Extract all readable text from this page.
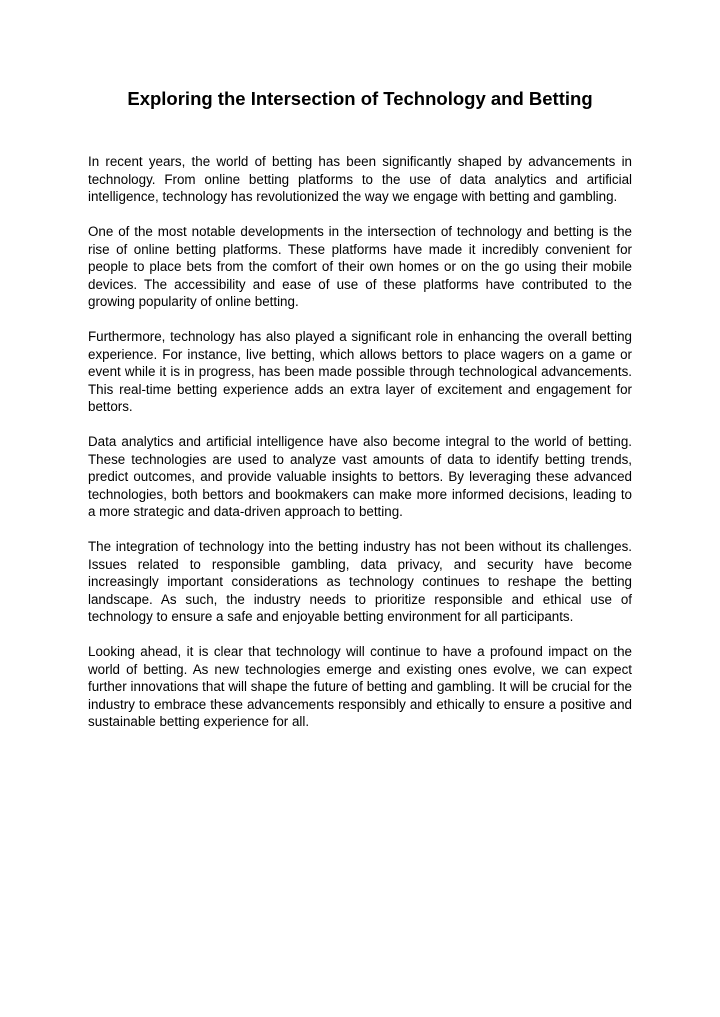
Exploring the Intersection of Technology and Betting

In recent years, the world of betting has been significantly shaped by advancements in technology. From online betting platforms to the use of data analytics and artificial intelligence, technology has revolutionized the way we engage with betting and gambling.

One of the most notable developments in the intersection of technology and betting is the rise of online betting platforms. These platforms have made it incredibly convenient for people to place bets from the comfort of their own homes or on the go using their mobile devices. The accessibility and ease of use of these platforms have contributed to the growing popularity of online betting.

Furthermore, technology has also played a significant role in enhancing the overall betting experience. For instance, live betting, which allows bettors to place wagers on a game or event while it is in progress, has been made possible through technological advancements. This real-time betting experience adds an extra layer of excitement and engagement for bettors.

Data analytics and artificial intelligence have also become integral to the world of betting. These technologies are used to analyze vast amounts of data to identify betting trends, predict outcomes, and provide valuable insights to bettors. By leveraging these advanced technologies, both bettors and bookmakers can make more informed decisions, leading to a more strategic and data-driven approach to betting.

The integration of technology into the betting industry has not been without its challenges. Issues related to responsible gambling, data privacy, and security have become increasingly important considerations as technology continues to reshape the betting landscape. As such, the industry needs to prioritize responsible and ethical use of technology to ensure a safe and enjoyable betting environment for all participants.

Looking ahead, it is clear that technology will continue to have a profound impact on the world of betting. As new technologies emerge and existing ones evolve, we can expect further innovations that will shape the future of betting and gambling. It will be crucial for the industry to embrace these advancements responsibly and ethically to ensure a positive and sustainable betting experience for all.
